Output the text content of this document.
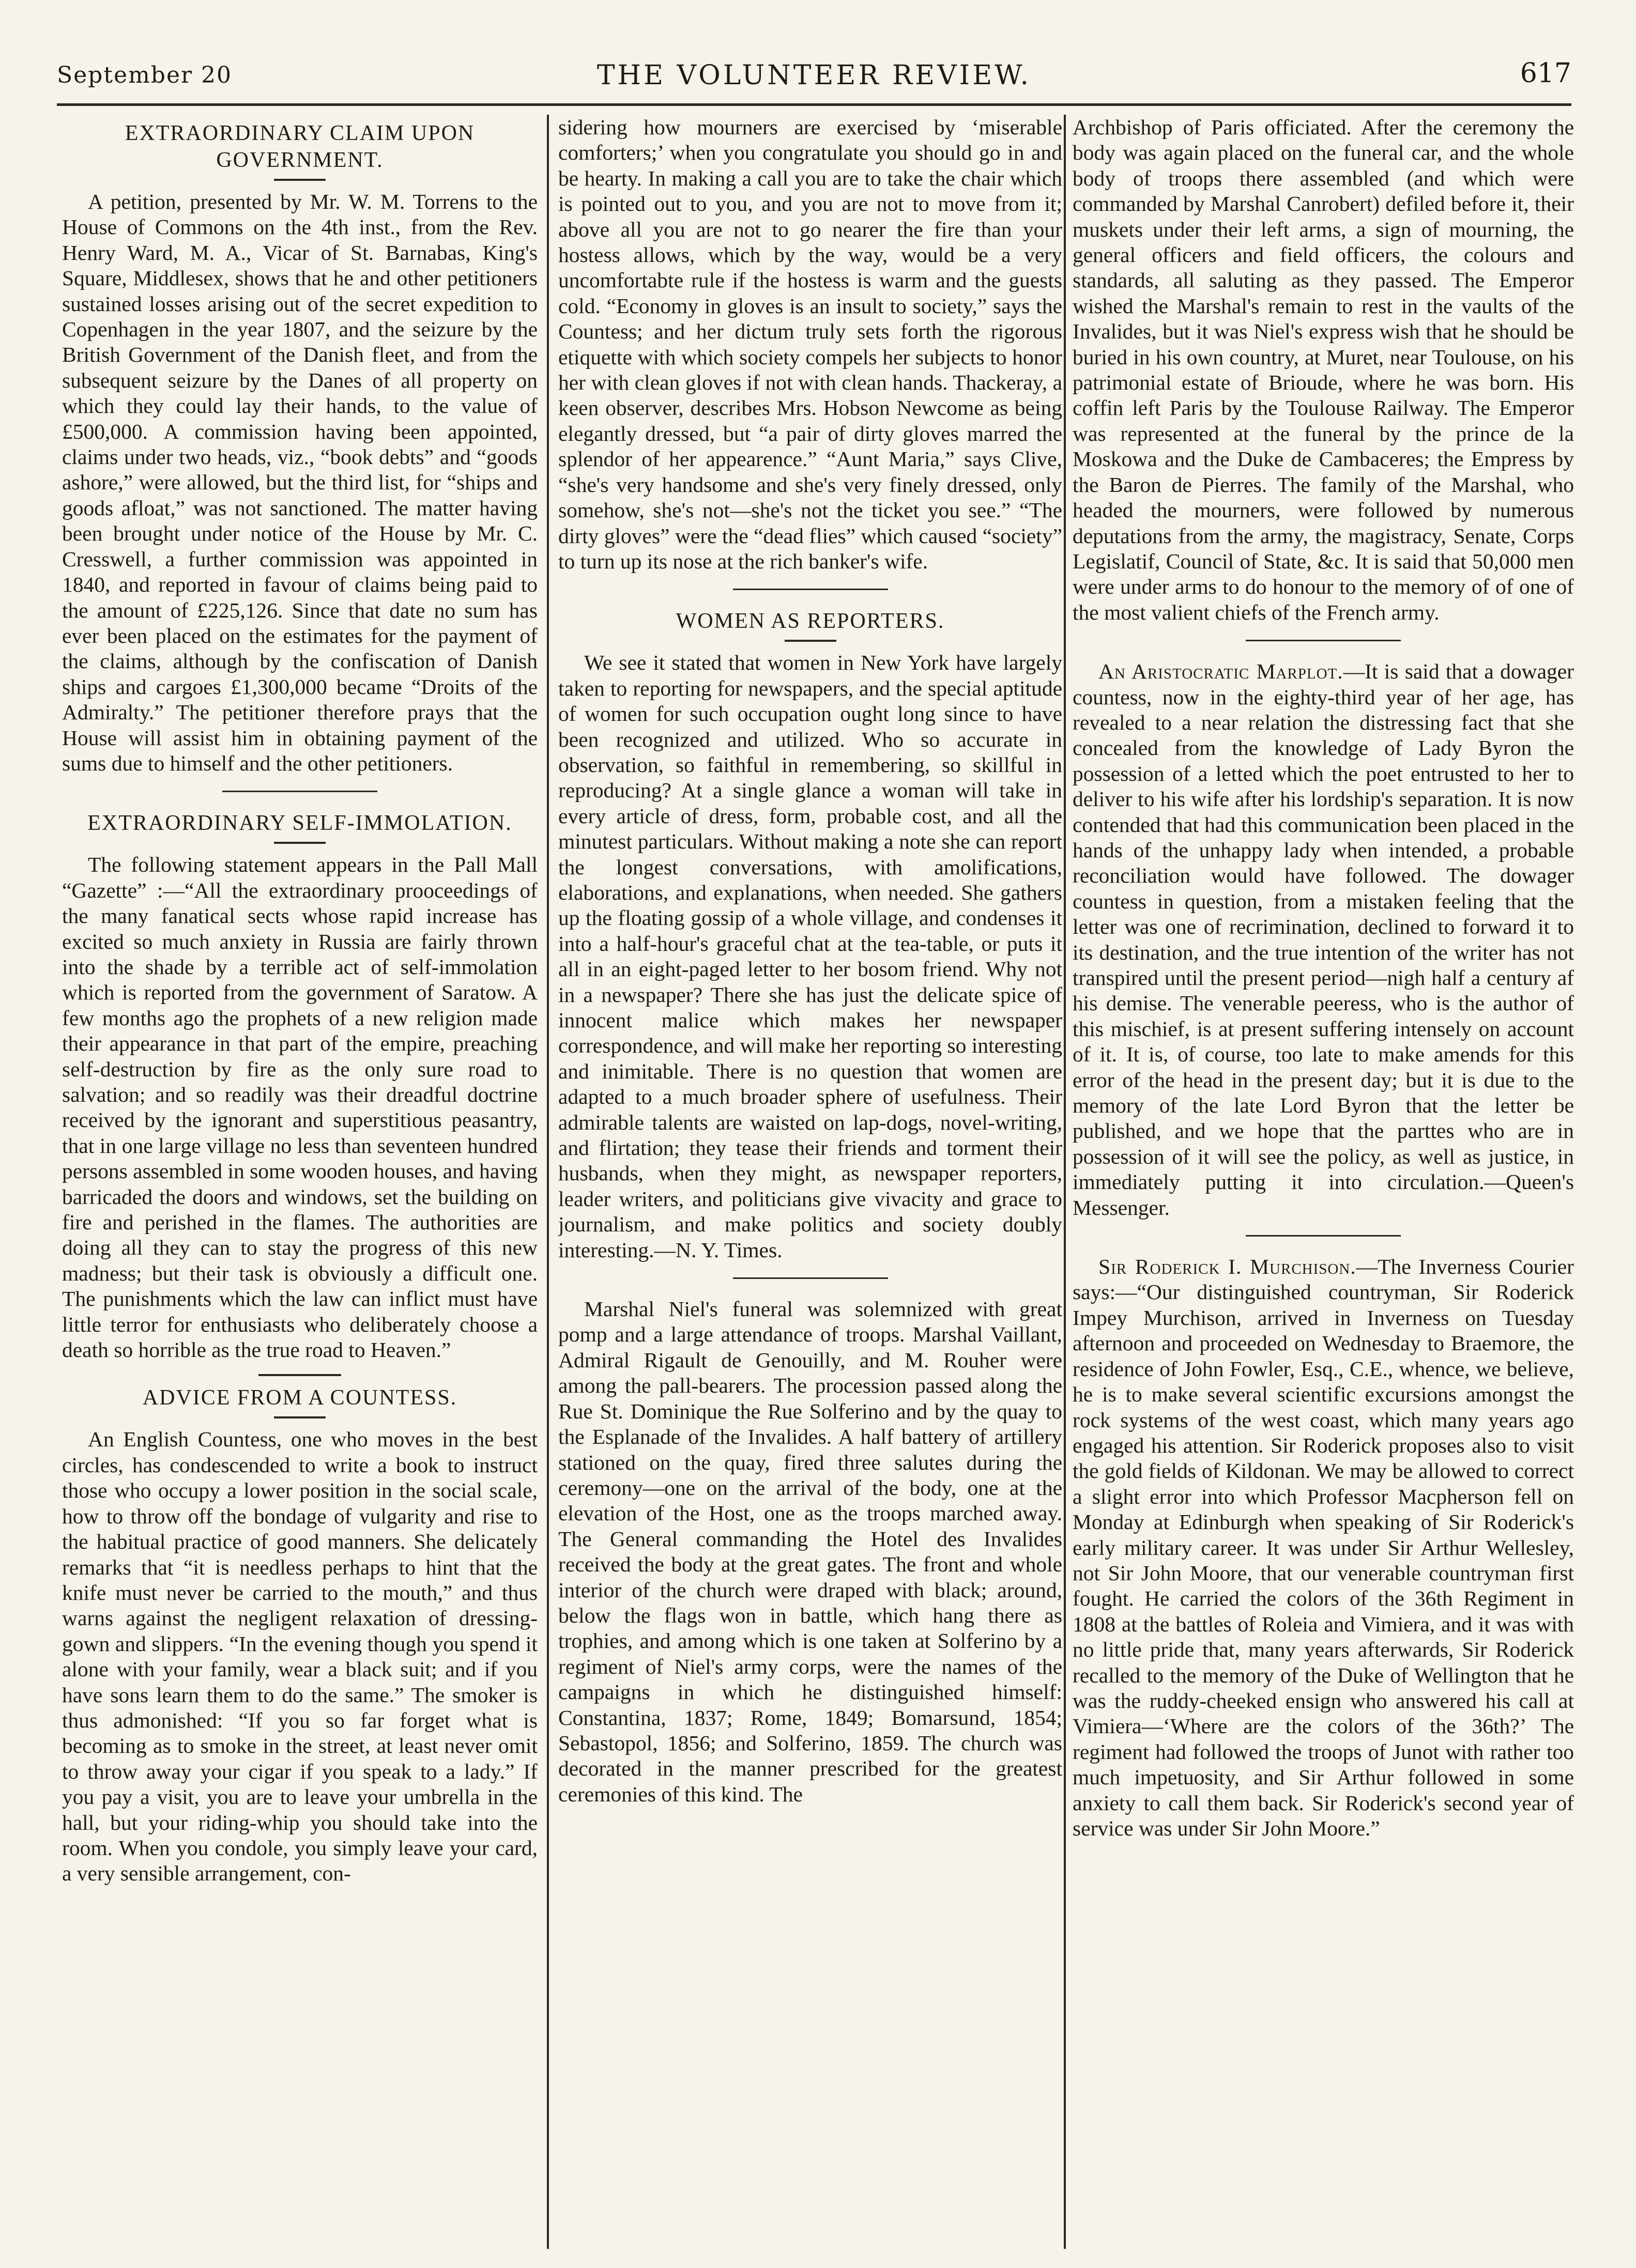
September 20	THE VOLUNTEER REVIEW.	617
EXTRAORDINARY CLAIM UPON GOVERNMENT.

A petition, presented by Mr. W. M. Torrens to the House of Commons on the 4th inst., from the Rev. Henry Ward, M. A., Vicar of St. Barnabas, King's Square, Middlesex, shows that he and other petitioners sustained losses arising out of the secret expedition to Copenhagen in the year 1807, and the seizure by the British Government of the Danish fleet, and from the subsequent seizure by the Danes of all property on which they could lay their hands, to the value of £500,000. A commission having been appointed, claims under two heads, viz., “book debts” and “goods ashore,” were allowed, but the third list, for “ships and goods afloat,” was not sanctioned. The matter having been brought under notice of the House by Mr. C. Cresswell, a further commission was appointed in 1840, and reported in favour of claims being paid to the amount of £225,126. Since that date no sum has ever been placed on the estimates for the payment of the claims, although by the confiscation of Danish ships and cargoes £1,300,000 became “Droits of the Admiralty.” The petitioner therefore prays that the House will assist him in obtaining payment of the sums due to himself and the other petitioners.

EXTRAORDINARY SELF-IMMOLATION.

The following statement appears in the Pall Mall “Gazette” :—“All the extraordinary prooceedings of the many fanatical sects whose rapid increase has excited so much anxiety in Russia are fairly thrown into the shade by a terrible act of self-immolation which is reported from the government of Saratow. A few months ago the prophets of a new religion made their appearance in that part of the empire, preaching self-destruction by fire as the only sure road to salvation; and so readily was their dreadful doctrine received by the ignorant and superstitious peasantry, that in one large village no less than seventeen hundred persons assembled in some wooden houses, and having barricaded the doors and windows, set the building on fire and perished in the flames. The authorities are doing all they can to stay the progress of this new madness; but their task is obviously a difficult one. The punishments which the law can inflict must have little terror for enthusiasts who deliberately choose a death so horrible as the true road to Heaven.”

ADVICE FROM A COUNTESS.

An English Countess, one who moves in the best circles, has condescended to write a book to instruct those who occupy a lower position in the social scale, how to throw off the bondage of vulgarity and rise to the habitual practice of good manners. She delicately remarks that “it is needless perhaps to hint that the knife must never be carried to the mouth,” and thus warns against the negligent relaxation of dressing-gown and slippers. “In the evening though you spend it alone with your family, wear a black suit; and if you have sons learn them to do the same.” The smoker is thus admonished: “If you so far forget what is becoming as to smoke in the street, at least never omit to throw away your cigar if you speak to a lady.” If you pay a visit, you are to leave your umbrella in the hall, but your riding-whip you should take into the room. When you condole, you simply leave your card, a very sensible arrangement, con-

sidering how mourners are exercised by ‘miserable comforters;’ when you congratulate you should go in and be hearty. In making a call you are to take the chair which is pointed out to you, and you are not to move from it; above all you are not to go nearer the fire than your hostess allows, which by the way, would be a very uncomfortabte rule if the hostess is warm and the guests cold. “Economy in gloves is an insult to society,” says the Countess; and her dictum truly sets forth the rigorous etiquette with which society compels her subjects to honor her with clean gloves if not with clean hands. Thackeray, a keen observer, describes Mrs. Hobson Newcome as being elegantly dressed, but “a pair of dirty gloves marred the splendor of her appearence.” “Aunt Maria,” says Clive, “she's very handsome and she's very finely dressed, only somehow, she's not—she's not the ticket you see.” “The dirty gloves” were the “dead flies” which caused “society” to turn up its nose at the rich banker's wife.

WOMEN AS REPORTERS.

We see it stated that women in New York have largely taken to reporting for newspapers, and the special aptitude of women for such occupation ought long since to have been recognized and utilized. Who so accurate in observation, so faithful in remembering, so skillful in reproducing? At a single glance a woman will take in every article of dress, form, probable cost, and all the minutest particulars. Without making a note she can report the longest conversations, with amolifications, elaborations, and explanations, when needed. She gathers up the floating gossip of a whole village, and condenses it into a half-hour's graceful chat at the tea-table, or puts it all in an eight-paged letter to her bosom friend. Why not in a newspaper? There she has just the delicate spice of innocent malice which makes her newspaper correspondence, and will make her reporting so interesting and inimitable. There is no question that women are adapted to a much broader sphere of usefulness. Their admirable talents are waisted on lap-dogs, novel-writing, and flirtation; they tease their friends and torment their husbands, when they might, as newspaper reporters, leader writers, and politicians give vivacity and grace to journalism, and make politics and society doubly interesting.—N. Y. Times.

Marshal Niel's funeral was solemnized with great pomp and a large attendance of troops. Marshal Vaillant, Admiral Rigault de Genouilly, and M. Rouher were among the pall-bearers. The procession passed along the Rue St. Dominique the Rue Solferino and by the quay to the Esplanade of the Invalides. A half battery of artillery stationed on the quay, fired three salutes during the ceremony—one on the arrival of the body, one at the elevation of the Host, one as the troops marched away. The General commanding the Hotel des Invalides received the body at the great gates. The front and whole interior of the church were draped with black; around, below the flags won in battle, which hang there as trophies, and among which is one taken at Solferino by a regiment of Niel's army corps, were the names of the campaigns in which he distinguished himself: Constantina, 1837; Rome, 1849; Bomarsund, 1854; Sebastopol, 1856; and Solferino, 1859. The church was decorated in the manner prescribed for the greatest ceremonies of this kind. The

Archbishop of Paris officiated. After the ceremony the body was again placed on the funeral car, and the whole body of troops there assembled (and which were commanded by Marshal Canrobert) defiled before it, their muskets under their left arms, a sign of mourning, the general officers and field officers, the colours and standards, all saluting as they passed. The Emperor wished the Marshal's remain to rest in the vaults of the Invalides, but it was Niel's express wish that he should be buried in his own country, at Muret, near Toulouse, on his patrimonial estate of Brioude, where he was born. His coffin left Paris by the Toulouse Railway. The Emperor was represented at the funeral by the prince de la Moskowa and the Duke de Cambaceres; the Empress by the Baron de Pierres. The family of the Marshal, who headed the mourners, were followed by numerous deputations from the army, the magistracy, Senate, Corps Legislatif, Council of State, &c. It is said that 50,000 men were under arms to do honour to the memory of of one of the most valient chiefs of the French army.

An Aristocratic Marplot.—It is said that a dowager countess, now in the eighty-third year of her age, has revealed to a near relation the distressing fact that she concealed from the knowledge of Lady Byron the possession of a letted which the poet entrusted to her to deliver to his wife after his lordship's separation. It is now contended that had this communication been placed in the hands of the unhappy lady when intended, a probable reconciliation would have followed. The dowager countess in question, from a mistaken feeling that the letter was one of recrimination, declined to forward it to its destination, and the true intention of the writer has not transpired until the present period—nigh half a century af his demise. The venerable peeress, who is the author of this mischief, is at present suffering intensely on account of it. It is, of course, too late to make amends for this error of the head in the present day; but it is due to the memory of the late Lord Byron that the letter be published, and we hope that the parttes who are in possession of it will see the policy, as well as justice, in immediately putting it into circulation.—Queen's Messenger.

Sir Roderick I. Murchison.—The Inverness Courier says:—“Our distinguished countryman, Sir Roderick Impey Murchison, arrived in Inverness on Tuesday afternoon and proceeded on Wednesday to Braemore, the residence of John Fowler, Esq., C.E., whence, we believe, he is to make several scientific excursions amongst the rock systems of the west coast, which many years ago engaged his attention. Sir Roderick proposes also to visit the gold fields of Kildonan. We may be allowed to correct a slight error into which Professor Macpherson fell on Monday at Edinburgh when speaking of Sir Roderick's early military career. It was under Sir Arthur Wellesley, not Sir John Moore, that our venerable countryman first fought. He carried the colors of the 36th Regiment in 1808 at the battles of Roleia and Vimiera, and it was with no little pride that, many years afterwards, Sir Roderick recalled to the memory of the Duke of Wellington that he was the ruddy-cheeked ensign who answered his call at Vimiera—‘Where are the colors of the 36th?’ The regiment had followed the troops of Junot with rather too much impetuosity, and Sir Arthur followed in some anxiety to call them back. Sir Roderick's second year of service was under Sir John Moore.”
